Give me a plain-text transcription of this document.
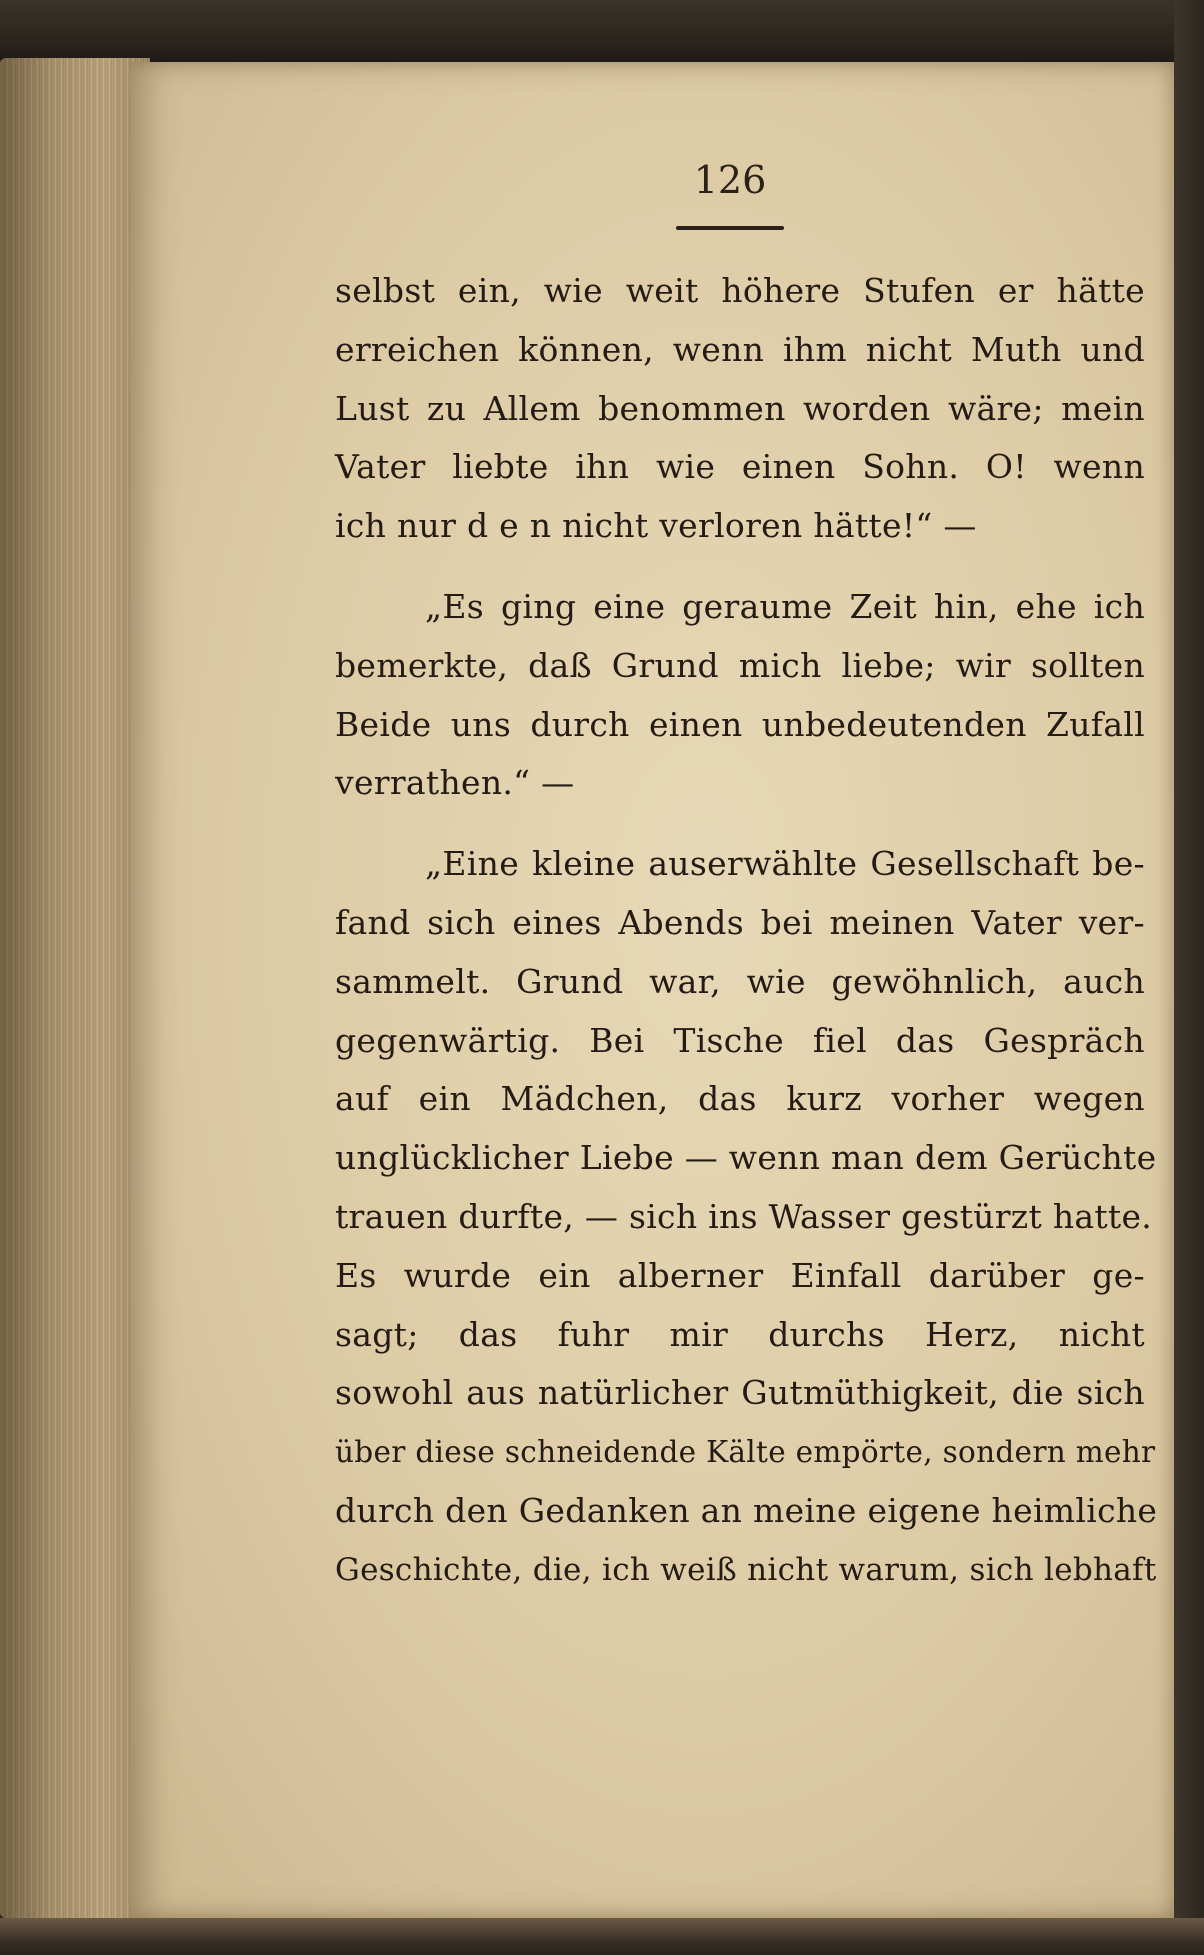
126
selbst ein, wie weit höhere Stufen er hätte
erreichen können, wenn ihm nicht Muth und
Lust zu Allem benommen worden wäre; mein
Vater liebte ihn wie einen Sohn. O! wenn
ich nur d e n nicht verloren hätte!“ —
„Es ging eine geraume Zeit hin, ehe ich
bemerkte, daß Grund mich liebe; wir sollten
Beide uns durch einen unbedeutenden Zufall
verrathen.“ —
„Eine kleine auserwählte Gesellschaft be-
fand sich eines Abends bei meinen Vater ver-
sammelt. Grund war, wie gewöhnlich, auch
gegenwärtig. Bei Tische fiel das Gespräch
auf ein Mädchen, das kurz vorher wegen
unglücklicher Liebe — wenn man dem Gerüchte
trauen durfte, — sich ins Wasser gestürzt hatte.
Es wurde ein alberner Einfall darüber ge-
sagt; das fuhr mir durchs Herz, nicht
sowohl aus natürlicher Gutmüthigkeit, die sich
über diese schneidende Kälte empörte, sondern mehr
durch den Gedanken an meine eigene heimliche
Geschichte, die, ich weiß nicht warum, sich lebhaft
